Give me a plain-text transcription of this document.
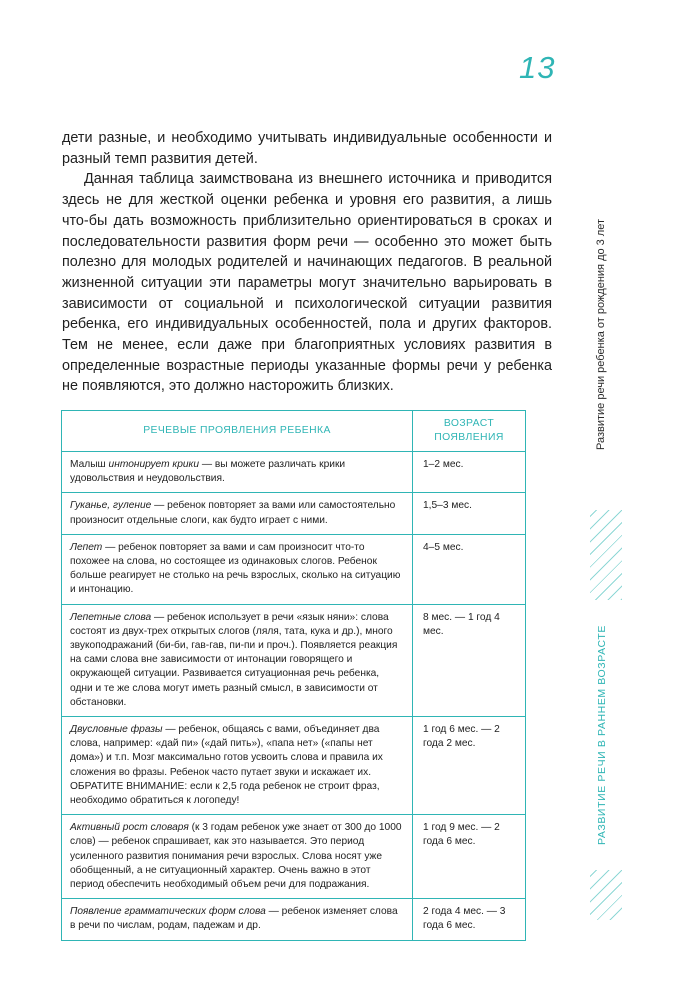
13

дети разные, и необходимо учитывать индивидуальные особенности и разный темп развития детей.

Данная таблица заимствована из внешнего источника и приводится здесь не для жесткой оценки ребенка и уровня его развития, а лишь что-бы дать возможность приблизительно ориентироваться в сроках и последовательности развития форм речи — особенно это может быть полезно для молодых родителей и начинающих педагогов. В реальной жизненной ситуации эти параметры могут значительно варьировать в зависимости от социальной и психологической ситуации развития ребенка, его индивидуальных особенностей, пола и других факторов. Тем не менее, если даже при благоприятных условиях развития в определенные возрастные периоды указанные формы речи у ребенка не появляются, это должно насторожить близких.

РЕЧЕВЫЕ ПРОЯВЛЕНИЯ РЕБЕНКА	ВОЗРАСТ ПОЯВЛЕНИЯ
Малыш интонирует крики — вы можете различать крики удовольствия и неудовольствия.	1–2 мес.
Гуканье, гуление — ребенок повторяет за вами или самостоятельно произносит отдельные слоги, как будто играет с ними.	1,5–3 мес.
Лепет — ребенок повторяет за вами и сам произносит что-то похожее на слова, но состоящее из одинаковых слогов. Ребенок больше реагирует не столько на речь взрослых, сколько на ситуацию и интонацию.	4–5 мес.
Лепетные слова — ребенок использует в речи «язык няни»: слова состоят из двух-трех открытых слогов (ляля, тата, кука и др.), много звукоподражаний (би-би, гав-гав, пи-пи и проч.). Появляется реакция на сами слова вне зависимости от интонации говорящего и окружающей ситуации. Развивается ситуационная речь ребенка, одни и те же слова могут иметь разный смысл, в зависимости от обстановки.	8 мес. — 1 год 4 мес.
Двусловные фразы — ребенок, общаясь с вами, объединяет два слова, например: «дай пи» («дай пить»), «папа нет» («папы нет дома») и т.п. Мозг максимально готов усвоить слова и правила их сложения во фразы. Ребенок часто путает звуки и искажает их. ОБРАТИТЕ ВНИМАНИЕ: если к 2,5 года ребенок не строит фраз, необходимо обратиться к логопеду!	1 год 6 мес. — 2 года 2 мес.
Активный рост словаря (к 3 годам ребенок уже знает от 300 до 1000 слов) — ребенок спрашивает, как это называется. Это период усиленного развития понимания речи взрослых. Слова носят уже обобщенный, а не ситуационный характер. Очень важно в этот период обеспечить необходимый объем речи для подражания.	1 год 9 мес. — 2 года 6 мес.
Появление грамматических форм слова — ребенок изменяет слова в речи по числам, родам, падежам и др.	2 года 4 мес. — 3 года 6 мес.
Развитие речи ребенка от рождения до 3 лет
РАЗВИТИЕ РЕЧИ В РАННЕМ ВОЗРАСТЕ
